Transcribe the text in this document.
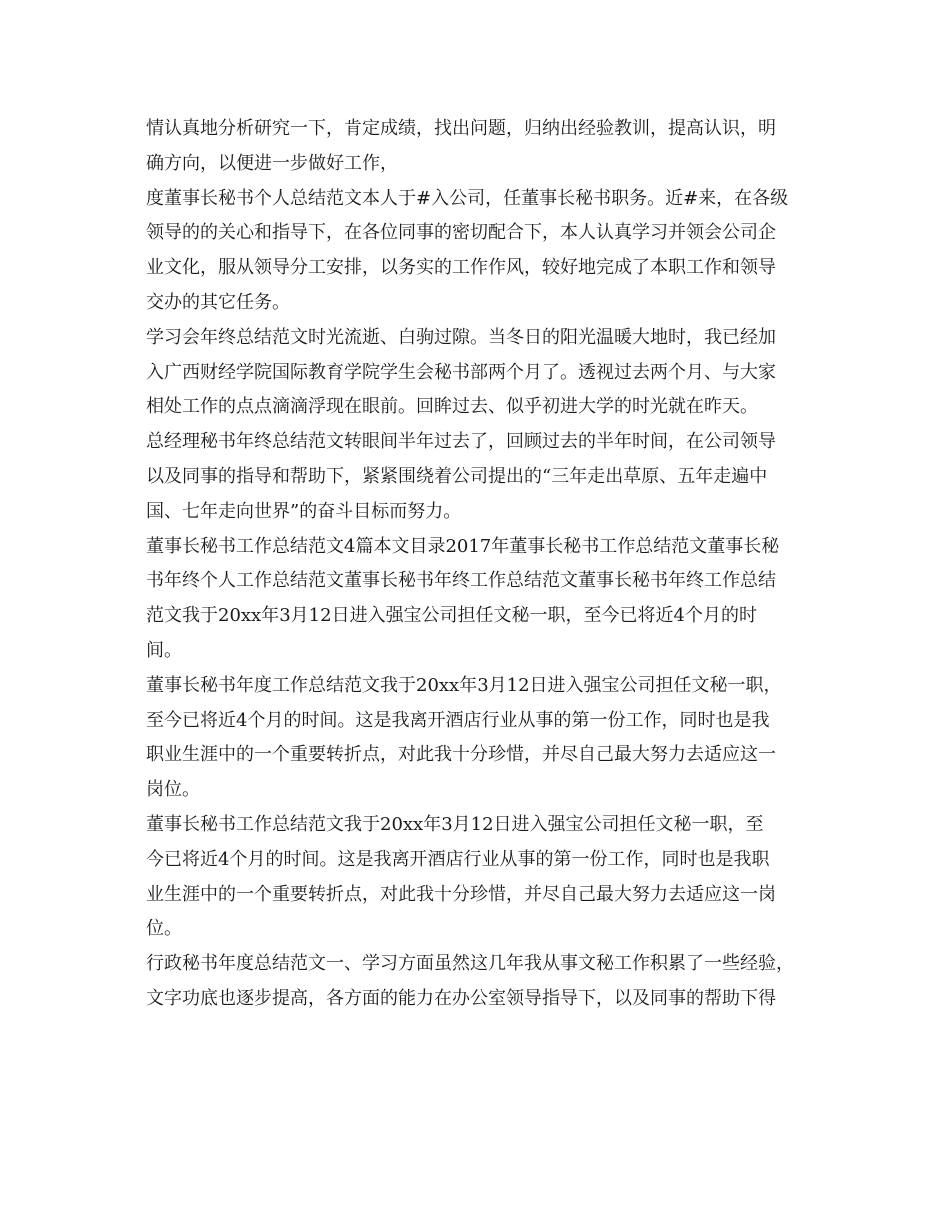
情认真地分析研究一下，肯定成绩，找出问题，归纳出经验教训，提高认识，明
确方向，以便进一步做好工作，
度董事长秘书个人总结范文本人于#入公司，任董事长秘书职务。近#来，在各级
领导的的关心和指导下，在各位同事的密切配合下，本人认真学习并领会公司企
业文化，服从领导分工安排，以务实的工作作风，较好地完成了本职工作和领导
交办的其它任务。
学习会年终总结范文时光流逝、白驹过隙。当冬日的阳光温暖大地时，我已经加
入广西财经学院国际教育学院学生会秘书部两个月了。透视过去两个月、与大家
相处工作的点点滴滴浮现在眼前。回眸过去、似乎初进大学的时光就在昨天。
总经理秘书年终总结范文转眼间半年过去了，回顾过去的半年时间，在公司领导
以及同事的指导和帮助下，紧紧围绕着公司提出的“三年走出草原、五年走遍中
国、七年走向世界”的奋斗目标而努力。
董事长秘书工作总结范文4篇本文目录2017年董事长秘书工作总结范文董事长秘
书年终个人工作总结范文董事长秘书年终工作总结范文董事长秘书年终工作总结
范文我于20xx年3月12日进入强宝公司担任文秘一职，至今已将近4个月的时
间。
董事长秘书年度工作总结范文我于20xx年3月12日进入强宝公司担任文秘一职，
至今已将近4个月的时间。这是我离开酒店行业从事的第一份工作，同时也是我
职业生涯中的一个重要转折点，对此我十分珍惜，并尽自己最大努力去适应这一
岗位。
董事长秘书工作总结范文我于20xx年3月12日进入强宝公司担任文秘一职，至
今已将近4个月的时间。这是我离开酒店行业从事的第一份工作，同时也是我职
业生涯中的一个重要转折点，对此我十分珍惜，并尽自己最大努力去适应这一岗
位。
行政秘书年度总结范文一、学习方面虽然这几年我从事文秘工作积累了一些经验，
文字功底也逐步提高，各方面的能力在办公室领导指导下，以及同事的帮助下得
